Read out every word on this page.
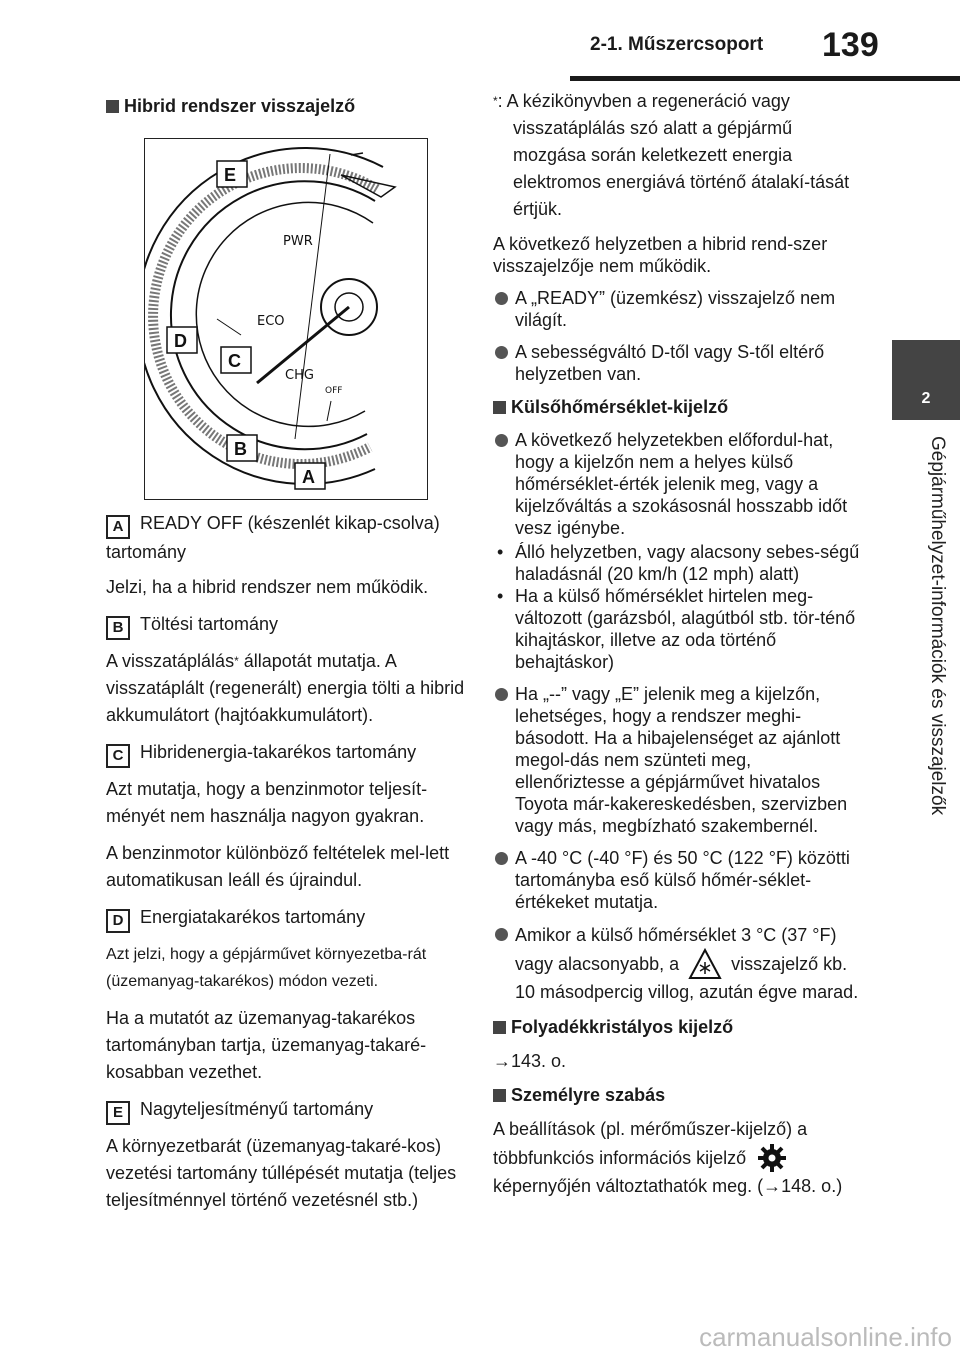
2-1. Műszercsoport 139
2
Gépjárműhelyzet-információk és visszajelzők
Hibrid rendszer visszajelző
PWR
ECO
CHG
OFF
E
D
C
B
A
A READY OFF (készenlét kikap-csolva) tartomány

Jelzi, ha a hibrid rendszer nem működik.

B Töltési tartomány

A visszatáplálás* állapotát mutatja. A visszatáplált (regenerált) energia tölti a hibrid akkumulátort (hajtóakkumulátort).

C Hibridenergia-takarékos tartomány

Azt mutatja, hogy a benzinmotor teljesít-ményét nem használja nagyon gyakran.

A benzinmotor különböző feltételek mel-lett automatikusan leáll és újraindul.

D Energiatakarékos tartomány

Azt jelzi, hogy a gépjárművet környezetba-rát (üzemanyag-takarékos) módon vezeti.

Ha a mutatót az üzemanyag-takarékos tartományban tartja, üzemanyag-takaré-kosabban vezethet.

E Nagyteljesítményű tartomány

A környezetbarát (üzemanyag-takaré-kos) vezetési tartomány túllépését mutatja (teljes teljesítménnyel történő vezetésnél stb.)

*: A kézikönyvben a regeneráció vagy visszatáplálás szó alatt a gépjármű mozgása során keletkezett energia elektromos energiává történő átalakí-tását értjük.

A következő helyzetben a hibrid rend-szer visszajelzője nem működik.

A „READY” (üzemkész) visszajelző nem világít.
A sebességváltó D-től vagy S-től eltérő helyzetben van.
Külsőhőmérséklet-kijelző
A következő helyzetekben előfordul-hat, hogy a kijelzőn nem a helyes külső hőmérséklet-érték jelenik meg, vagy a kijelzőváltás a szokásosnál hosszabb időt vesz igénybe.
• Álló helyzetben, vagy alacsony sebes-ségű haladásnál (20 km/h (12 mph) alatt)
• Ha a külső hőmérséklet hirtelen meg-változott (garázsból, alagútból stb. tör-ténő kihajtáskor, illetve az oda történő behajtáskor)
Ha „--” vagy „E” jelenik meg a kijelzőn, lehetséges, hogy a rendszer meghi-básodott. Ha a hibajelenséget az ajánlott megol-dás nem szünteti meg, ellenőriztesse a gépjárművet hivatalos Toyota már-kakereskedésben, szervizben vagy más, megbízható szakembernél.
A -40 °C (-40 °F) és 50 °C (122 °F) közötti tartományba eső külső hőmér-séklet-értékeket mutatja.
Amikor a külső hőmérséklet 3 °C (37 °F) vagy alacsonyabb, a	visszajelző kb. 10 másodpercig villog, azután égve marad.
Folyadékkristályos kijelző

→143. o.

Személyre szabás

A beállítások (pl. mérőműszer-kijelző) a többfunkciós információs kijelző  képernyőjén változtathatók meg. (→148. o.)

carmanualsonline.info
